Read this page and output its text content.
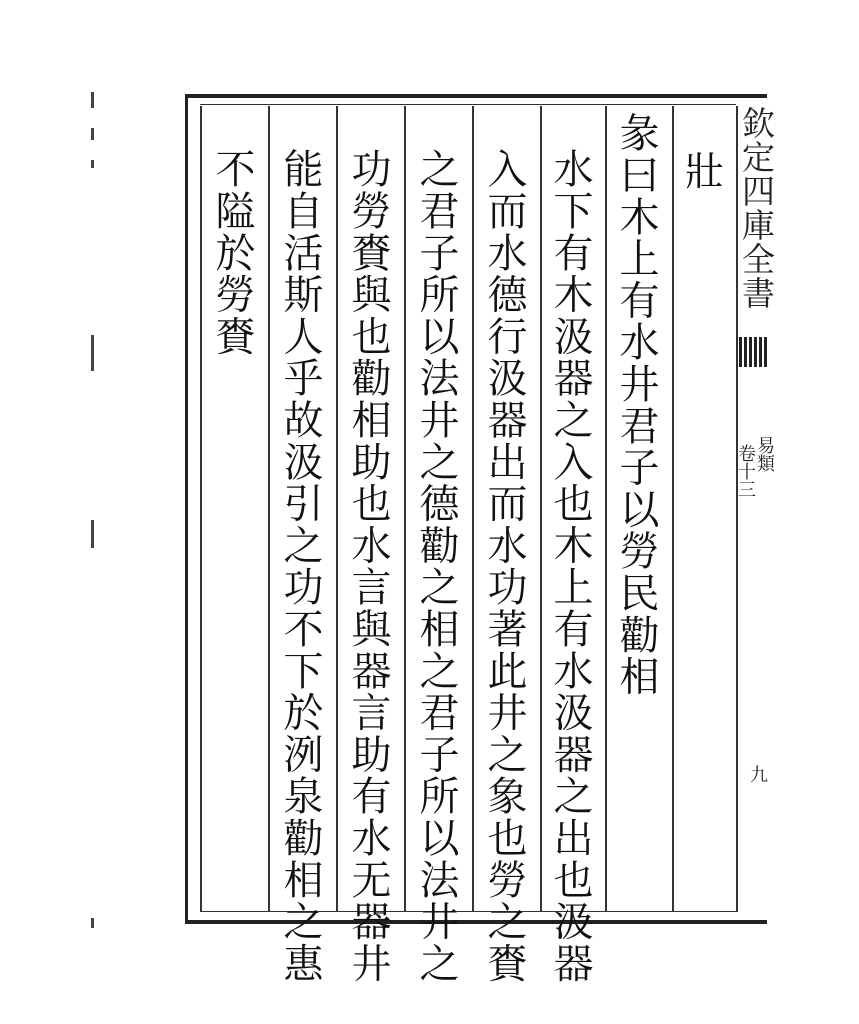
欽定四庫全書
易類
卷十三
九
壯
彖曰木上有水井君子以勞民勸相
水下有木汲器之入也木上有水汲器之出也汲器
入而水德行汲器出而水功著此井之象也勞之賚
之君子所以法井之德勸之相之君子所以法井之
功勞賚與也勸相助也水言與器言助有水无器井
能自活斯人乎故汲引之功不下於洌泉勸相之惠
不隘於勞賚
